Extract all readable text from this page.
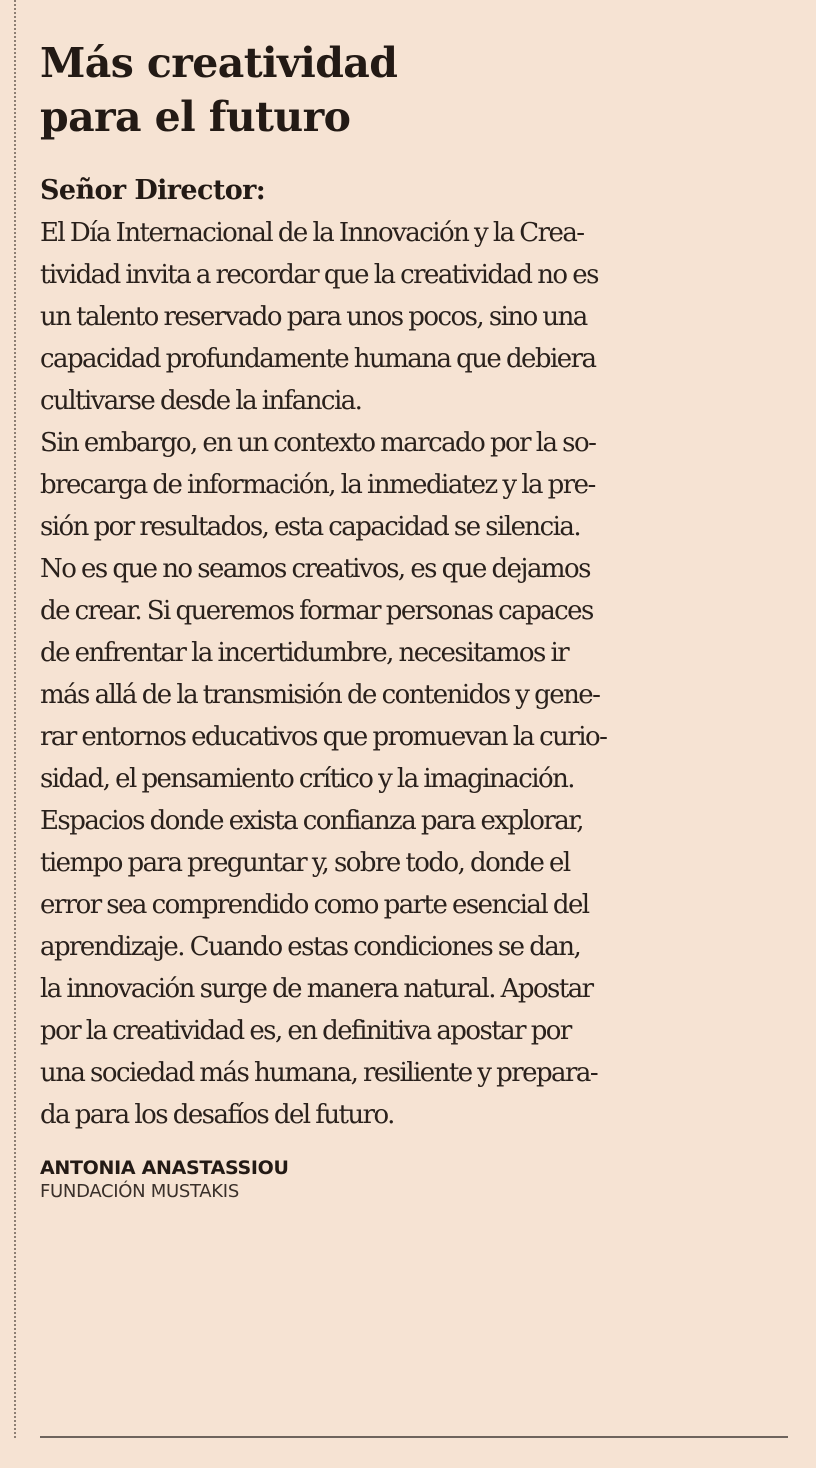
Más creatividad
para el futuro
Señor Director:
El Día Internacional de la Innovación y la Crea-
tividad invita a recordar que la creatividad no es
un talento reservado para unos pocos, sino una
capacidad profundamente humana que debiera
cultivarse desde la infancia.
Sin embargo, en un contexto marcado por la so-
brecarga de información, la inmediatez y la pre-
sión por resultados, esta capacidad se silencia.
No es que no seamos creativos, es que dejamos
de crear. Si queremos formar personas capaces
de enfrentar la incertidumbre, necesitamos ir
más allá de la transmisión de contenidos y gene-
rar entornos educativos que promuevan la curio-
sidad, el pensamiento crítico y la imaginación.
Espacios donde exista confianza para explorar,
tiempo para preguntar y, sobre todo, donde el
error sea comprendido como parte esencial del
aprendizaje. Cuando estas condiciones se dan,
la innovación surge de manera natural. Apostar
por la creatividad es, en definitiva apostar por
una sociedad más humana, resiliente y prepara-
da para los desafíos del futuro.
ANTONIA ANASTASSIOU
FUNDACIÓN MUSTAKIS
